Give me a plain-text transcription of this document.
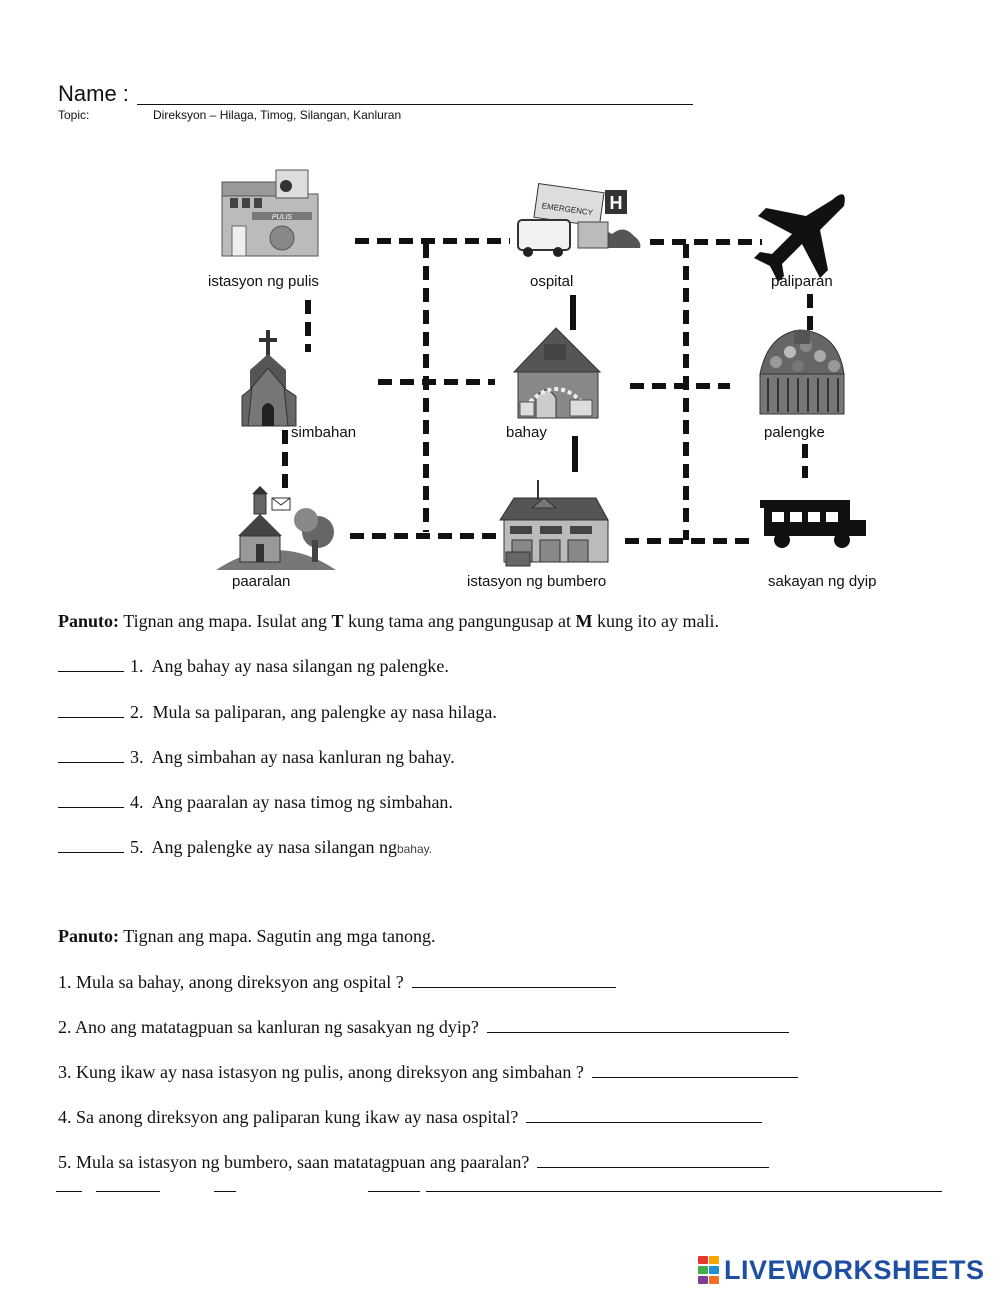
Name :
Topic:	Direksyon – Hilaga, Timog, Silangan, Kanluran
PULIS
EMERGENCY H
istasyon ng pulis	ospital	paliparan
simbahan	bahay	palengke
paaralan	istasyon ng bumbero	sakayan ng dyip
Panuto: Tignan ang mapa. Isulat ang T kung tama ang pangungusap at M kung ito ay mali.
1. Ang bahay ay nasa silangan ng palengke.
2. Mula sa paliparan, ang palengke ay nasa hilaga.
3. Ang simbahan ay nasa kanluran ng bahay.
4. Ang paaralan ay nasa timog ng simbahan.
5. Ang palengke ay nasa silangan ngbahay.
Panuto: Tignan ang mapa. Sagutin ang mga tanong.
1. Mula sa bahay, anong direksyon ang ospital ?
2. Ano ang matatagpuan sa kanluran ng sasakyan ng dyip?
3. Kung ikaw ay nasa istasyon ng pulis, anong direksyon ang simbahan ?
4. Sa anong direksyon ang paliparan kung ikaw ay nasa ospital?
5. Mula sa istasyon ng bumbero, saan matatagpuan ang paaralan?
LIVEWORKSHEETS
